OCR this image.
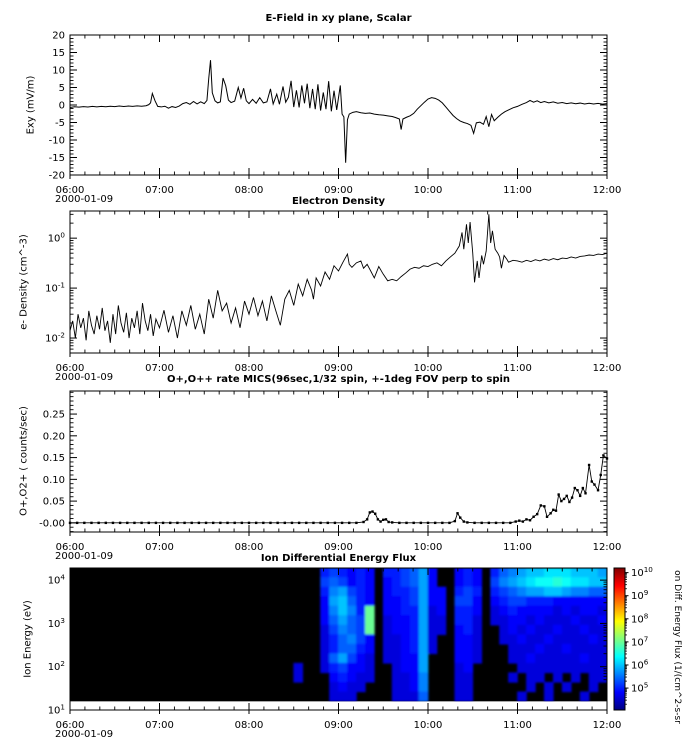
06:00	07:00	08:00	09:00	10:00	11:00	12:00
-20
-15
-10
-5
0
5
10
15
20
06:00	07:00	08:00	09:00	10:00	11:00	12:00
$10^{-2}$
$10^{-1}$
$10^0$
06:00	07:00	08:00	09:00	10:00	11:00	12:00
-0.00
0.05
0.10
0.15
0.20
0.25
06:00	07:00	08:00	09:00	10:00	11:00	12:00
$10^1$
$10^2$
$10^3$
$10^4$
$10^5$
$10^6$
$10^7$
$10^8$
$10^9$
$10^{10}$
E-Field in xy plane, Scalar
Electron Density
O+,O++ rate MICS(96sec,1/32 spin, +-1deg FOV perp to spin
Ion Differential Energy Flux
2000-01-09
2000-01-09
2000-01-09
2000-01-09
Exy (mV/m)
e- Density (cm^-3)
O+,O2+ ( counts/sec)
Ion Energy (eV)	on Diff. Energy Flux (1/(cm^2-s-sr
